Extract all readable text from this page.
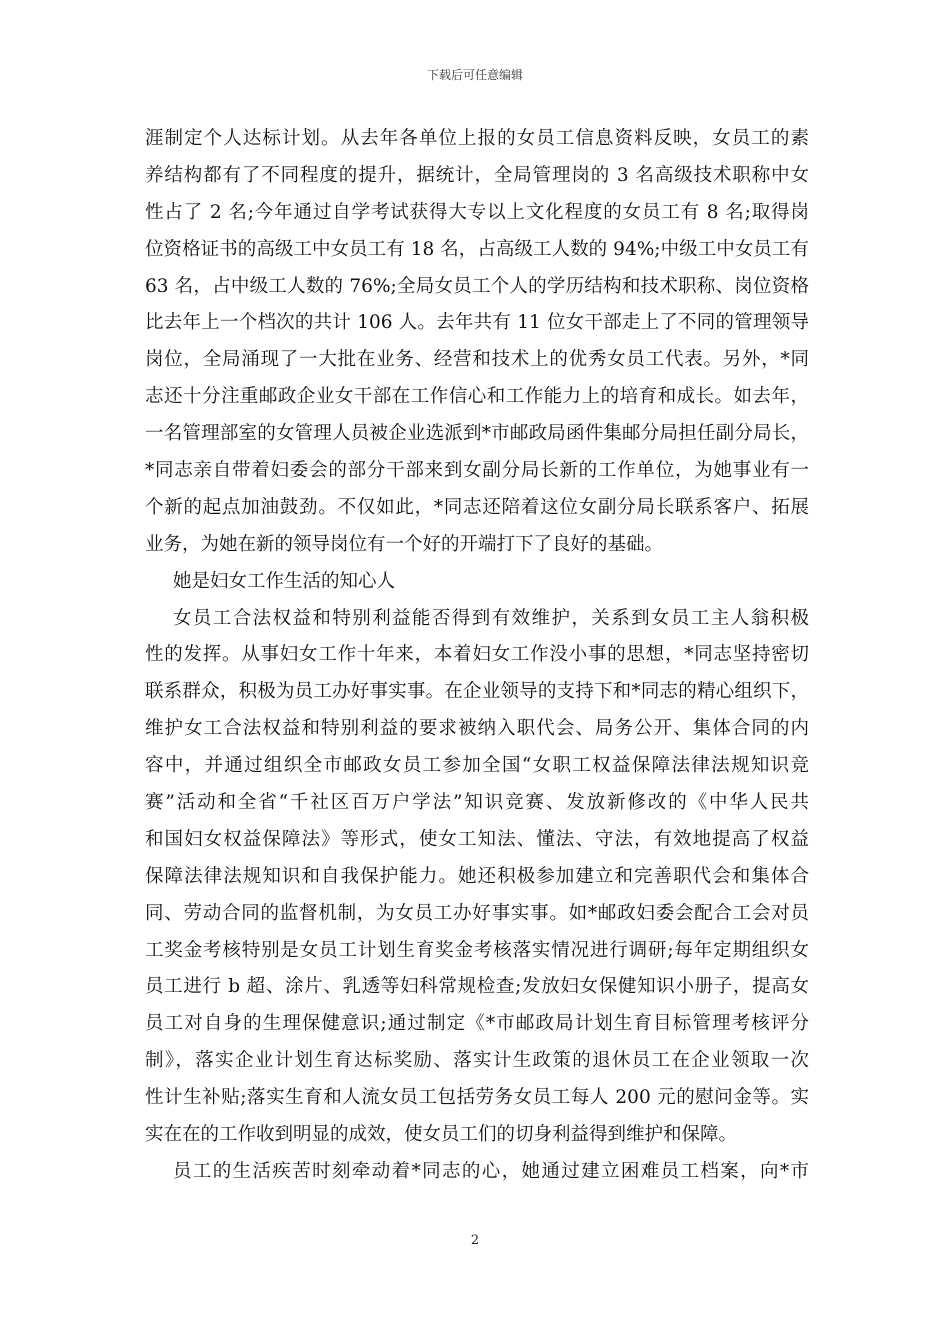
下载后可任意编辑
涯制定个人达标计划。从去年各单位上报的女员工信息资料反映，女员工的素
养结构都有了不同程度的提升，据统计，全局管理岗的 3 名高级技术职称中女
性占了 2 名;今年通过自学考试获得大专以上文化程度的女员工有 8 名;取得岗
位资格证书的高级工中女员工有 18 名，占高级工人数的 94%;中级工中女员工有
63 名，占中级工人数的 76%;全局女员工个人的学历结构和技术职称、岗位资格
比去年上一个档次的共计 106 人。去年共有 11 位女干部走上了不同的管理领导
岗位，全局涌现了一大批在业务、经营和技术上的优秀女员工代表。另外，*同
志还十分注重邮政企业女干部在工作信心和工作能力上的培育和成长。如去年，
一名管理部室的女管理人员被企业选派到*市邮政局函件集邮分局担任副分局长，
*同志亲自带着妇委会的部分干部来到女副分局长新的工作单位，为她事业有一
个新的起点加油鼓劲。不仅如此，*同志还陪着这位女副分局长联系客户、拓展
业务，为她在新的领导岗位有一个好的开端打下了良好的基础。
她是妇女工作生活的知心人
女员工合法权益和特别利益能否得到有效维护，关系到女员工主人翁积极
性的发挥。从事妇女工作十年来，本着妇女工作没小事的思想，*同志坚持密切
联系群众，积极为员工办好事实事。在企业领导的支持下和*同志的精心组织下，
维护女工合法权益和特别利益的要求被纳入职代会、局务公开、集体合同的内
容中，并通过组织全市邮政女员工参加全国“女职工权益保障法律法规知识竞
赛”活动和全省“千社区百万户学法”知识竞赛、发放新修改的《中华人民共
和国妇女权益保障法》等形式，使女工知法、懂法、守法，有效地提高了权益
保障法律法规知识和自我保护能力。她还积极参加建立和完善职代会和集体合
同、劳动合同的监督机制，为女员工办好事实事。如*邮政妇委会配合工会对员
工奖金考核特别是女员工计划生育奖金考核落实情况进行调研;每年定期组织女
员工进行 b 超、涂片、乳透等妇科常规检查;发放妇女保健知识小册子，提高女
员工对自身的生理保健意识;通过制定《*市邮政局计划生育目标管理考核评分
制》，落实企业计划生育达标奖励、落实计生政策的退休员工在企业领取一次
性计生补贴;落实生育和人流女员工包括劳务女员工每人 200 元的慰问金等。实
实在在的工作收到明显的成效，使女员工们的切身利益得到维护和保障。
员工的生活疾苦时刻牵动着*同志的心，她通过建立困难员工档案，向*市
2
